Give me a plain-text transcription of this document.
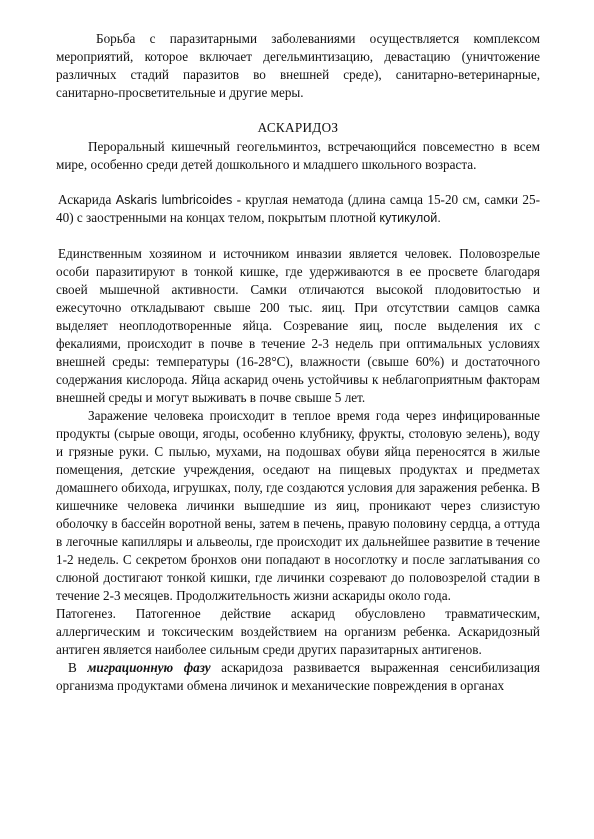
Борьба с паразитарными заболеваниями осуществляется комплексом мероприятий, которое включает дегельминтизацию, девастацию (уничтожение различных стадий паразитов во внешней среде), санитарно-ветеринарные, санитарно-просветительные и другие меры.

АСКАРИДОЗ

Пероральный кишечный геогельминтоз, встречающийся повсеместно в всем мире, особенно среди детей дошкольного и младшего школьного возраста.

Аскарида Askaris lumbricoides - круглая нематода (длина самца 15-20 см, самки 25-40) с заостренными на концах телом, покрытым плотной кутикулой.

Единственным хозяином и источником инвазии является человек. Половозрелые особи паразитируют в тонкой кишке, где удерживаются в ее просвете благодаря своей мышечной активности. Самки отличаются высокой плодовитостью и ежесуточно откладывают свыше 200 тыс. яиц. При отсутствии самцов самка выделяет неоплодотворенные яйца. Созревание яиц, после выделения их с фекалиями, происходит в почве в течение 2-3 недель при оптимальных условиях внешней среды: температуры (16-28°С), влажности (свыше 60%) и достаточного содержания кислорода. Яйца аскарид очень устойчивы к неблагоприятным факторам внешней среды и могут выживать в почве свыше 5 лет.

Заражение человека происходит в теплое время года через инфицированные продукты (сырые овощи, ягоды, особенно клубнику, фрукты, столовую зелень), воду и грязные руки. С пылью, мухами, на подошвах обуви яйца переносятся в жилые помещения, детские учреждения, оседают на пищевых продуктах и предметах домашнего обихода, игрушках, полу, где создаются условия для заражения ребенка. В кишечнике человека личинки вышедшие из яиц, проникают через слизистую оболочку в бассейн воротной вены, затем в печень, правую половину сердца, а оттуда в легочные капилляры и альвеолы, где происходит их дальнейшее развитие в течение 1-2 недель. С секретом бронхов они попадают в носоглотку и после заглатывания со слюной достигают тонкой кишки, где личинки созревают до половозрелой стадии в течение 2-3 месяцев. Продолжительность жизни аскариды около года.

Патогенез. Патогенное действие аскарид обусловлено травматическим, аллергическим и токсическим воздействием на организм ребенка. Аскаридозный антиген является наиболее сильным среди других паразитарных антигенов.

В миграционную фазу аскаридоза развивается выраженная сенсибилизация организма продуктами обмена личинок и механические повреждения в органах
